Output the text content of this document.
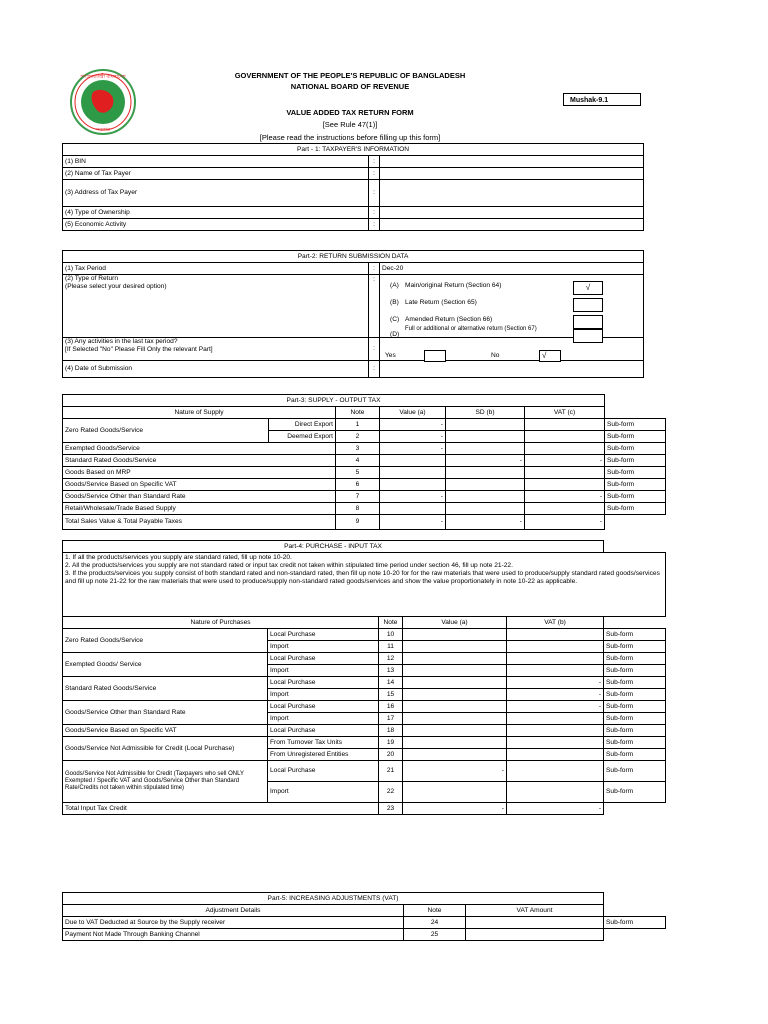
গণপ্রজাতন্ত্রী বাংলাদেশ
সরকার
GOVERNMENT OF THE PEOPLE'S REPUBLIC OF BANGLADESH
NATIONAL BOARD OF REVENUE
VALUE ADDED TAX RETURN FORM
[See Rule 47(1)]
[Please read the instructions before filling up this form]
Mushak-9.1
Part - 1: TAXPAYER'S INFORMATION		
(1) BIN	:	
(2) Name of Tax Payer	:	
(3) Address of Tax Payer	:	
(4) Type of Ownership	:	
(5) Economic Activity	:	
Part-2: RETURN SUBMISSION DATA		
(1) Tax Period	:	Dec-20
(2) Type of Return
(Please select your desired option)	:	
(3) Any activities in the last tax period?
[If Selected "No" Please Fill Only the relevant Part]	:	
(4) Date of Submission	:	
(A) Main/original Return (Section 64)	√
(B) Late Return (Section 65)
(C) Amended Return (Section 66)
(D)
Full or additional or alternative return (Section 67)
Yes	No	√
Part-3: SUPPLY - OUTPUT TAX						
Nature of Supply		Note	Value (a)	SD (b)	VAT (c)	
Zero Rated Goods/Service	Direct Export	1	-			Sub-form
	Deemed Export	2	-			Sub-form
Exempted Goods/Service		3	-			Sub-form
Standard Rated Goods/Service		4		-	-	Sub-form
Goods Based on MRP		5				Sub-form
Goods/Service Based on Specific VAT		6				Sub-form
Goods/Service Other than Standard Rate		7	-		-	Sub-form
Retail/Wholesale/Trade Based Supply		8				Sub-form
Total Sales Value & Total Payable Taxes		9	-	-	-	
Part-4: PURCHASE - INPUT TAX					

1. If all the products/services you supply are standard rated, fill up note 10-20.
2. All the products/services you supply are not standard rated or input tax credit not taken within stipulated time period under section 46, fill up note 21-22.
3. If the products/services you supply consist of both standard rated and non-standard rated, then fill up note 10-20 for for the raw materials that were used to produce/supply standard rated goods/services and fill up note 21-22 for the raw materials that were used to produce/supply non-standard rated goods/services and show the value proportionately in note 10-22 as applicable.					

Nature of Purchases		Note	Value (a)	VAT (b)	
Zero Rated Goods/Service	Local Purchase	10			Sub-form
	Import	11			Sub-form
Exempted Goods/ Service	Local Purchase	12			Sub-form
	Import	13			Sub-form
Standard Rated Goods/Service	Local Purchase	14		-	Sub-form
	Import	15		-	Sub-form
Goods/Service Other than Standard Rate	Local Purchase	16		-	Sub-form
	Import	17			Sub-form
Goods/Service Based on Specific VAT	Local Purchase	18			Sub-form
Goods/Service Not Admissible for Credit (Local Purchase)	From Turnover Tax Units	19			Sub-form
	From Unregistered Entities	20			Sub-form
Goods/Service Not Admissible for Credit (Taxpayers who sell ONLY Exempted / Specific VAT and Goods/Service Other than Standard Rate/Credits not taken within stipulated time)	Local Purchase	21	-		Sub-form
	Import	22			Sub-form
Total Input Tax Credit		23	-	-	
Part-5: INCREASING ADJUSTMENTS (VAT)			
Adjustment Details	Note	VAT Amount	
Due to VAT Deducted at Source by the Supply receiver	24		Sub-form
Payment Not Made Through Banking Channel	25		
